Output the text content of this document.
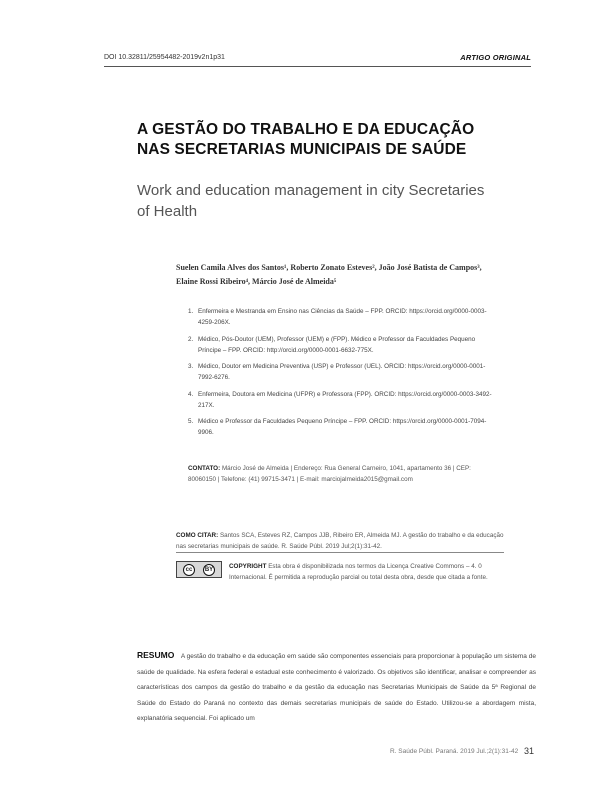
DOI 10.32811/25954482-2019v2n1p31	ARTIGO ORIGINAL
A GESTÃO DO TRABALHO E DA EDUCAÇÃO
NAS SECRETARIAS MUNICIPAIS DE SAÚDE
Work and education management in city Secretaries
of Health
Suelen Camila Alves dos Santos¹, Roberto Zonato Esteves², João José Batista de Campos³,
Elaine Rossi Ribeiro⁴, Márcio José de Almeida⁵
1. Enfermeira e Mestranda em Ensino nas Ciências da Saúde – FPP. ORCID: https://orcid.org/0000-0003-4259-206X.
2. Médico, Pós-Doutor (UEM), Professor (UEM) e (FPP). Médico e Professor da Faculdades Pequeno Príncipe – FPP. ORCID: http://orcid.org/0000-0001-6632-775X.
3. Médico, Doutor em Medicina Preventiva (USP) e Professor (UEL). ORCID: https://orcid.org/0000-0001-7992-6276.
4. Enfermeira, Doutora em Medicina (UFPR) e Professora (FPP). ORCID: https://orcid.org/0000-0003-3492-217X.
5. Médico e Professor da Faculdades Pequeno Príncipe – FPP. ORCID: https://orcid.org/0000-0001-7094-9906.
CONTATO: Márcio José de Almeida | Endereço: Rua General Carneiro, 1041, apartamento 36 | CEP: 80060150 | Telefone: (41) 99715-3471 | E-mail: marciojalmeida2015@gmail.com
COMO CITAR: Santos SCA, Esteves RZ, Campos JJB, Ribeiro ER, Almeida MJ. A gestão do trabalho e da educação nas secretarias municipais de saúde. R. Saúde Públ. 2019 Jul;2(1):31-42.
cc	BY	COPYRIGHT Esta obra é disponibilizada nos termos da Licença Creative Commons – 4. 0 Internacional. É permitida a reprodução parcial ou total desta obra, desde que citada a fonte.
RESUMO A gestão do trabalho e da educação em saúde são componentes essenciais para proporcionar à população um sistema de saúde de qualidade. Na esfera federal e estadual este conhecimento é valorizado. Os objetivos são identificar, analisar e compreender as características dos campos da gestão do trabalho e da gestão da educação nas Secretarias Municipais de Saúde da 5ª Regional de Saúde do Estado do Paraná no contexto das demais secretarias municipais de saúde do Estado. Utilizou-se a abordagem mista, explanatória sequencial. Foi aplicado um
R. Saúde Públ. Paraná. 2019 Jul.;2(1):31-42 31
